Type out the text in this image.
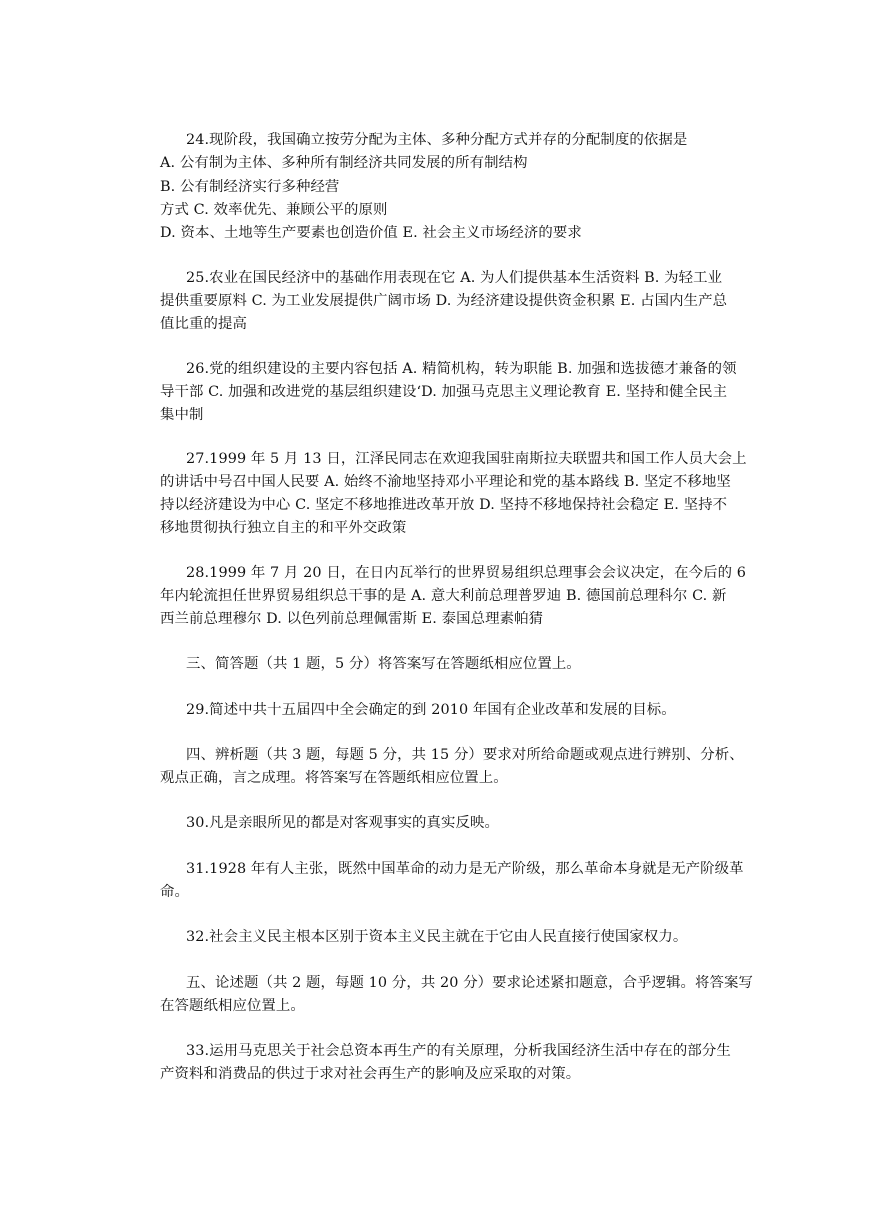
24.现阶段，我国确立按劳分配为主体、多种分配方式并存的分配制度的依据是
A. 公有制为主体、多种所有制经济共同发展的所有制结构
B. 公有制经济实行多种经营
方式 C. 效率优先、兼顾公平的原则
D. 资本、土地等生产要素也创造价值 E. 社会主义市场经济的要求
25.农业在国民经济中的基础作用表现在它 A. 为人们提供基本生活资料 B. 为轻工业
提供重要原料 C. 为工业发展提供广阔市场 D. 为经济建设提供资金积累 E. 占国内生产总
值比重的提高
26.党的组织建设的主要内容包括 A. 精简机构，转为职能 B. 加强和选拔德才兼备的领
导干部 C. 加强和改进党的基层组织建设‘D. 加强马克思主义理论教育 E. 坚持和健全民主
集中制
27.1999 年 5 月 13 日，江泽民同志在欢迎我国驻南斯拉夫联盟共和国工作人员大会上
的讲话中号召中国人民要 A. 始终不渝地坚持邓小平理论和党的基本路线 B. 坚定不移地坚
持以经济建设为中心 C. 坚定不移地推进改革开放 D. 坚持不移地保持社会稳定 E. 坚持不
移地贯彻执行独立自主的和平外交政策
28.1999 年 7 月 20 日，在日内瓦举行的世界贸易组织总理事会会议决定，在今后的 6
年内轮流担任世界贸易组织总干事的是 A. 意大利前总理普罗迪 B. 德国前总理科尔 C. 新
西兰前总理穆尔 D. 以色列前总理佩雷斯 E. 泰国总理素帕猜
三、简答题（共 1 题，5 分）将答案写在答题纸相应位置上。
29.简述中共十五届四中全会确定的到 2010 年国有企业改革和发展的目标。
四、辨析题（共 3 题，每题 5 分，共 15 分）要求对所给命题或观点进行辨别、分析、
观点正确，言之成理。将答案写在答题纸相应位置上。
30.凡是亲眼所见的都是对客观事实的真实反映。
31.1928 年有人主张，既然中国革命的动力是无产阶级，那么革命本身就是无产阶级革
命。
32.社会主义民主根本区别于资本主义民主就在于它由人民直接行使国家权力。
五、论述题（共 2 题，每题 10 分，共 20 分）要求论述紧扣题意，合乎逻辑。将答案写
在答题纸相应位置上。
33.运用马克思关于社会总资本再生产的有关原理，分析我国经济生活中存在的部分生
产资料和消费品的供过于求对社会再生产的影响及应采取的对策。
